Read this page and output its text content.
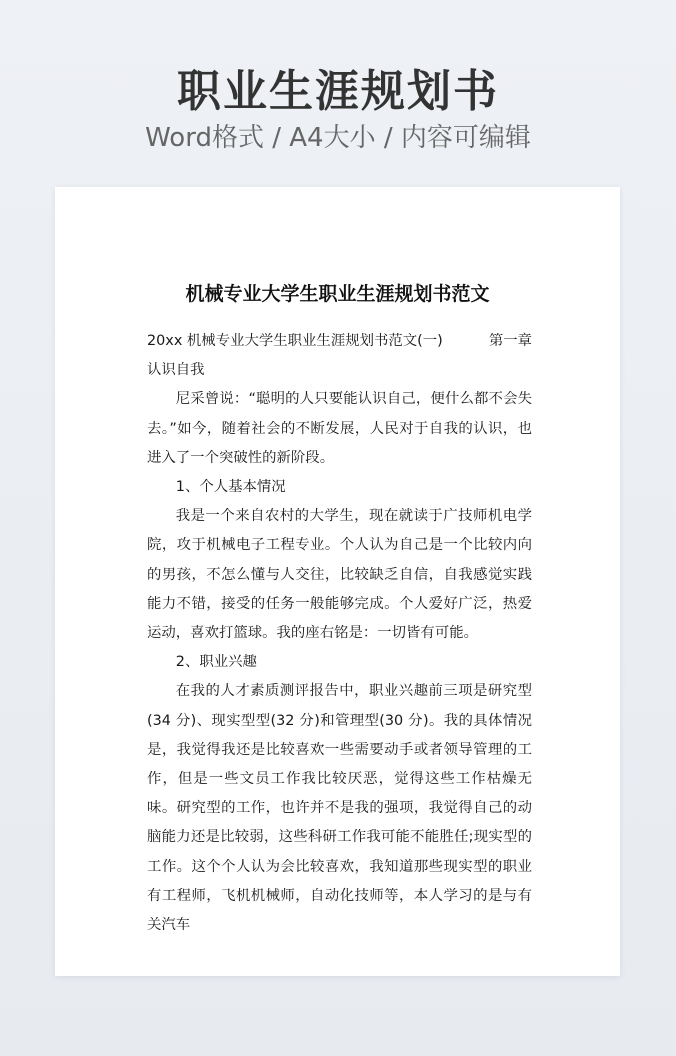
职业生涯规划书
Word格式 / A4大小 / 内容可编辑
机械专业大学生职业生涯规划书范文

20xx 机械专业大学生职业生涯规划书范文(一)	第一章

认识自我

尼采曾说：“聪明的人只要能认识自己，便什么都不会失去。”如今，随着社会的不断发展，人民对于自我的认识，也进入了一个突破性的新阶段。

1、个人基本情况

我是一个来自农村的大学生，现在就读于广技师机电学院，攻于机械电子工程专业。个人认为自己是一个比较内向的男孩，不怎么懂与人交往，比较缺乏自信，自我感觉实践能力不错，接受的任务一般能够完成。个人爱好广泛，热爱运动，喜欢打篮球。我的座右铭是：一切皆有可能。

2、职业兴趣

在我的人才素质测评报告中，职业兴趣前三项是研究型(34 分)、现实型型(32 分)和管理型(30 分)。我的具体情况是，我觉得我还是比较喜欢一些需要动手或者领导管理的工作，但是一些文员工作我比较厌恶，觉得这些工作枯燥无味。研究型的工作，也许并不是我的强项，我觉得自己的动脑能力还是比较弱，这些科研工作我可能不能胜任;现实型的工作。这个个人认为会比较喜欢，我知道那些现实型的职业有工程师，飞机机械师，自动化技师等，本人学习的是与有关汽车
